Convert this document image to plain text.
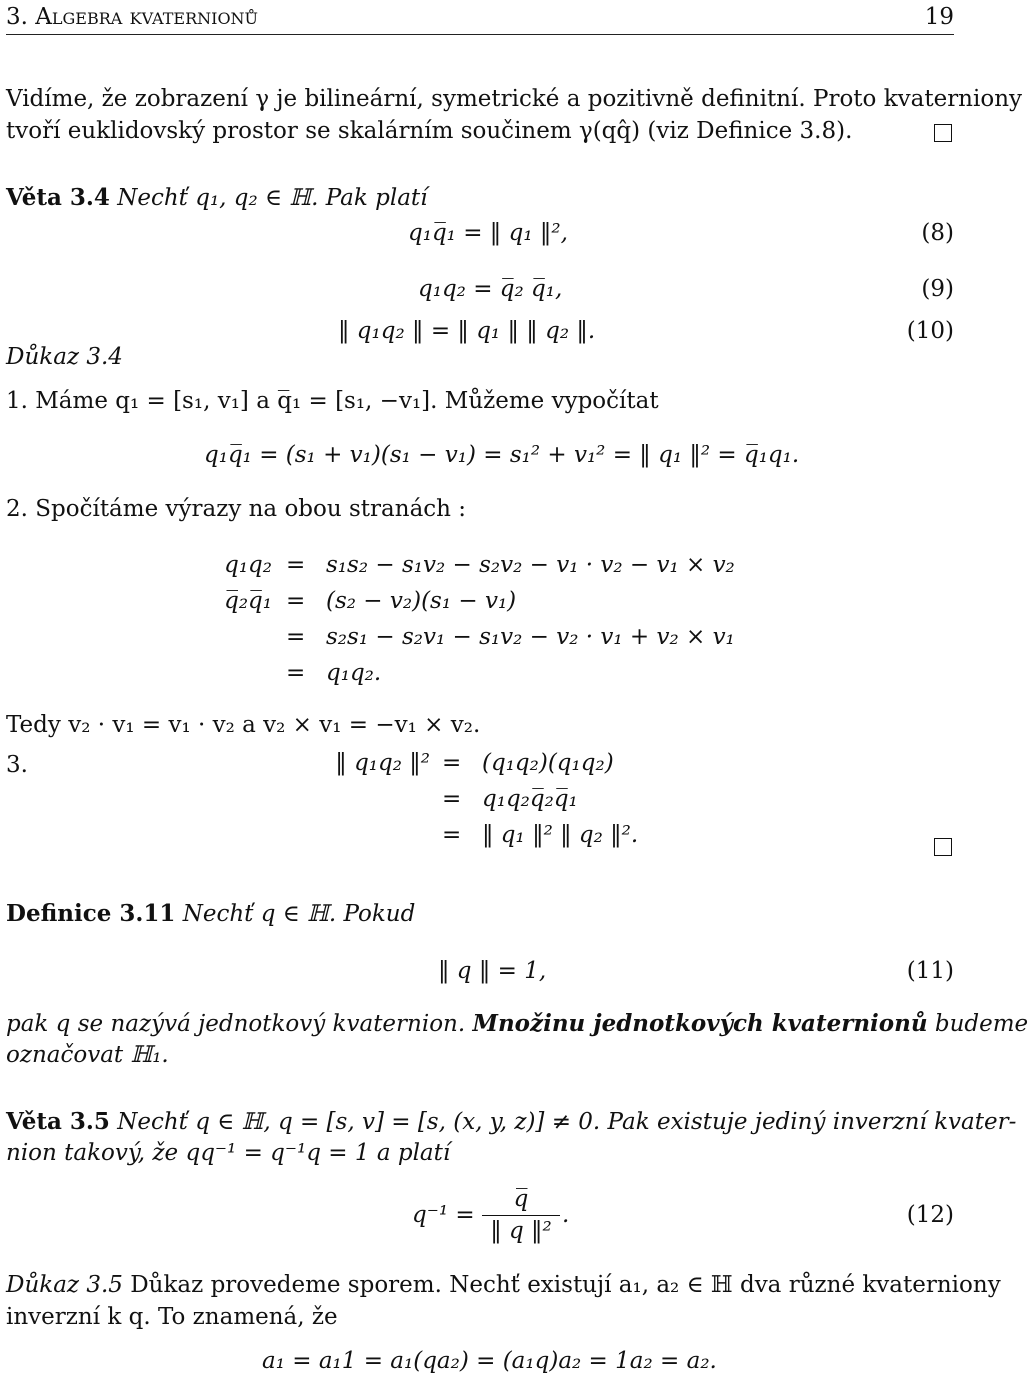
3. Algebra kvaternionů	19
Vidíme, že zobrazení γ je bilineární, symetrické a pozitivně definitní. Proto kvaterniony
tvoří euklidovský prostor se skalárním součinem γ(qq̂) (viz Definice 3.8).
Věta 3.4 Nechť q₁, q₂ ∈ ℍ. Pak platí
q₁q̅₁ = ‖ q₁ ‖²,	(8)
q₁q₂ = q̅₂ q̅₁,	(9)
‖ q₁q₂ ‖ = ‖ q₁ ‖ ‖ q₂ ‖.	(10)
Důkaz 3.4
1. Máme q₁ = [s₁, v₁] a q̅₁ = [s₁, −v₁]. Můžeme vypočítat
q₁q̅₁ = (s₁ + v₁)(s₁ − v₁) = s₁² + v₁² = ‖ q₁ ‖² = q̅₁q₁.
2. Spočítáme výrazy na obou stranách :
q₁q₂ = s₁s₂ − s₁v₂ − s₂v₂ − v₁ · v₂ − v₁ × v₂
q̅₂q̅₁ = (s₂ − v₂)(s₁ − v₁)
= s₂s₁ − s₂v₁ − s₁v₂ − v₂ · v₁ + v₂ × v₁
= q₁q₂.
Tedy v₂ · v₁ = v₁ · v₂ a v₂ × v₁ = −v₁ × v₂.
3.	‖ q₁q₂ ‖² = (q₁q₂)(q₁q₂)
= q₁q₂q̅₂q̅₁
= ‖ q₁ ‖² ‖ q₂ ‖².
Definice 3.11 Nechť q ∈ ℍ. Pokud
‖ q ‖ = 1,	(11)
pak q se nazývá jednotkový kvaternion. Množinu jednotkových kvaternionů budeme
označovat ℍ₁.
Věta 3.5 Nechť q ∈ ℍ, q = [s, v] = [s, (x, y, z)] ≠ 0. Pak existuje jediný inverzní kvater-
nion takový, že qq⁻¹ = q⁻¹q = 1 a platí
$q^{-1} = \frac{q̅}{\text{‖ q ‖²}}$ .	(12)
Důkaz 3.5 Důkaz provedeme sporem. Nechť existují a₁, a₂ ∈ ℍ dva různé kvaterniony
inverzní k q. To znamená, že
a₁ = a₁1 = a₁(qa₂) = (a₁q)a₂ = 1a₂ = a₂.
